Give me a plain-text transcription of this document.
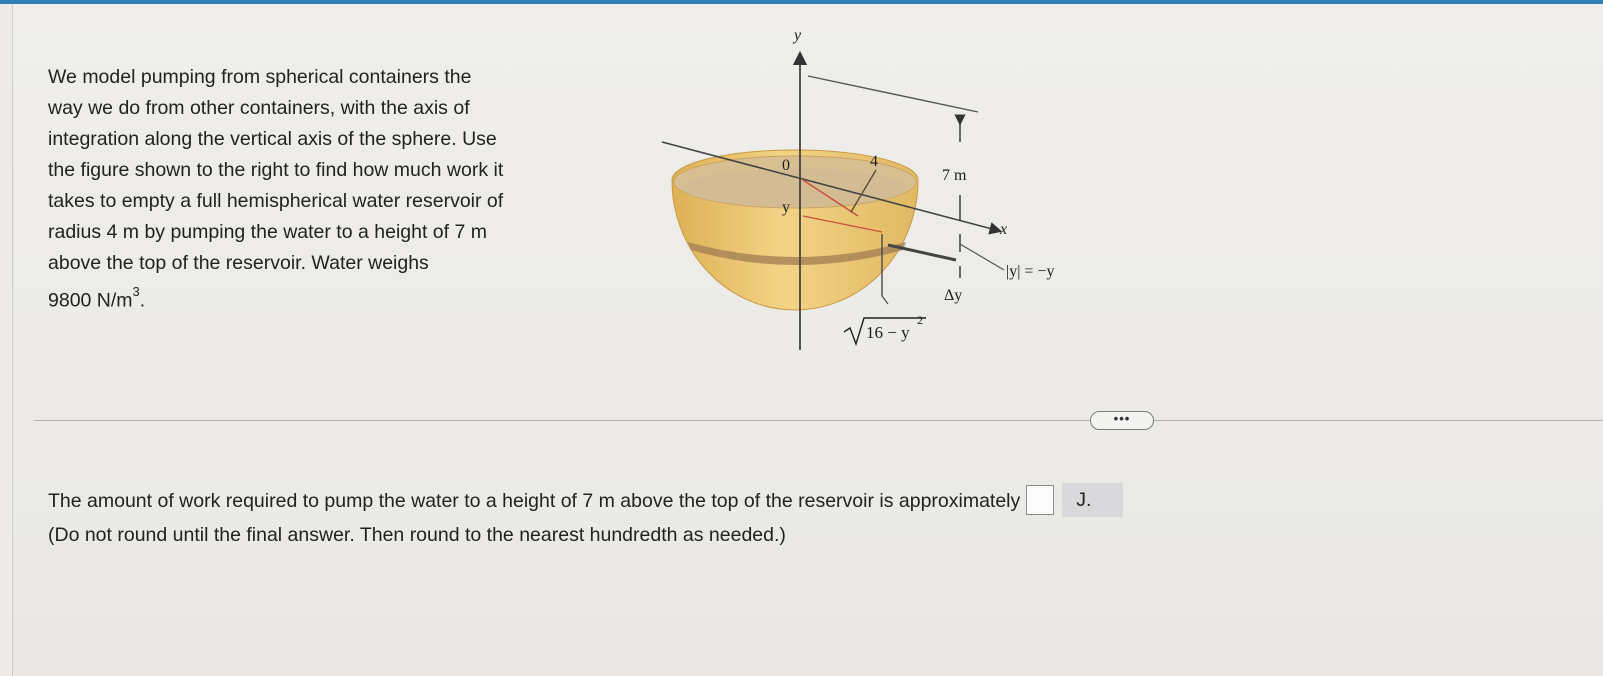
We model pumping from spherical containers the
way we do from other containers, with the axis of
integration along the vertical axis of the sphere. Use
the figure shown to the right to find how much work it
takes to empty a full hemispherical water reservoir of
radius 4 m by pumping the water to a height of 7 m
above the top of the reservoir. Water weighs
9800 $N/m^3$.
y
x
0	4
7 m
y
|y| = −y
Δy
16 − y
2
•••
The amount of work required to pump the water to a height of 7 m above the top of the reservoir is approximately	J.
(Do not round until the final answer. Then round to the nearest hundredth as needed.)
